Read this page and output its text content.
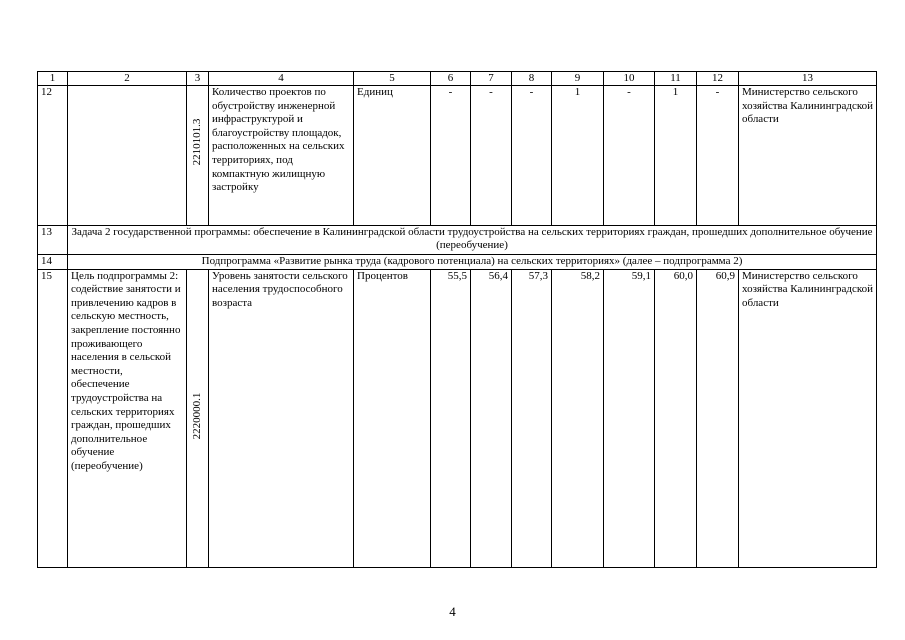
1	2	3	4	5	6	7	8	9	10	11	12	13
12		2210101.3	Количество проектов по обустройству инженерной инфраструктурой и благоустройству площадок, расположенных на сельских территориях, под компактную жилищную застройку	Единиц	-	-	-	1	-	1	-	Министерство сельского хозяйства Калининградской области
13	Задача 2 государственной программы: обеспечение в Калининградской области трудоустройства на сельских территориях граждан, прошедших дополнительное обучение (переобучение)											
14	Подпрограмма «Развитие рынка труда (кадрового потенциала) на сельских территориях» (далее – подпрограмма 2)											
15	Цель подпрограммы 2: содействие занятости и привлечению кадров в сельскую местность, закрепление постоянно проживающего населения в сельской местности, обеспечение трудоустройства на сельских территориях граждан, прошедших дополнительное обучение (переобучение)	2220000.1	Уровень занятости сельского населения трудоспособного возраста	Процентов	55,5	56,4	57,3	58,2	59,1	60,0	60,9	Министерство сельского хозяйства Калининградской области
4
